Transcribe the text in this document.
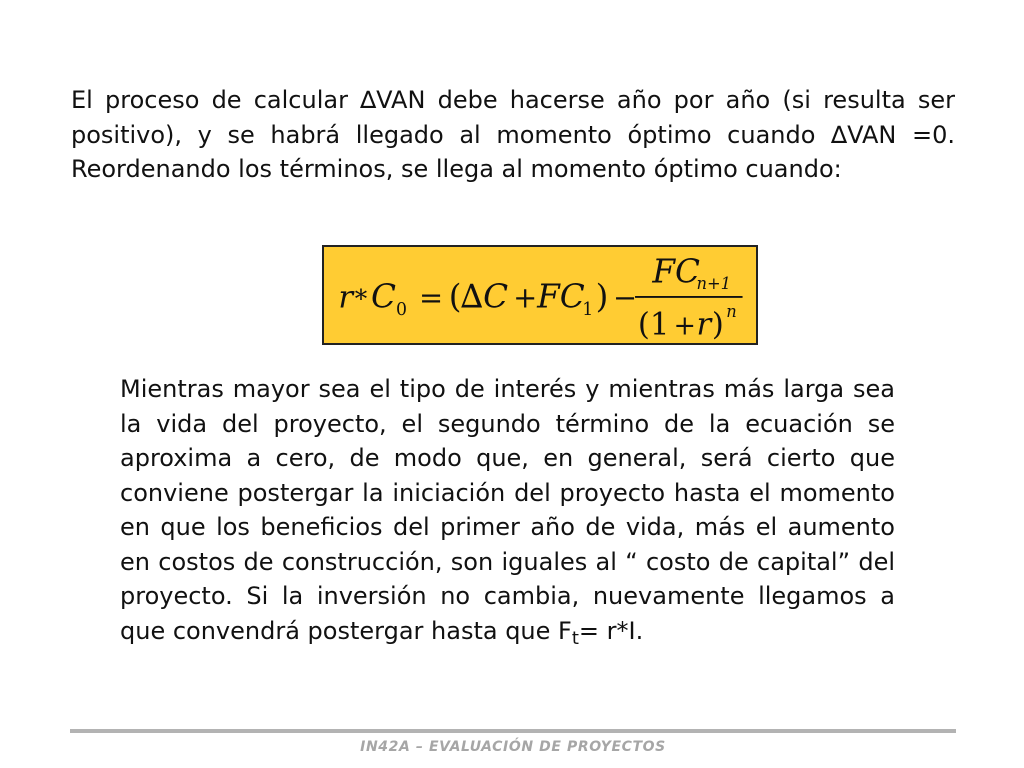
El proceso de calcular ∆VAN debe hacerse año por año (si resulta ser positivo), y se habrá llegado al momento óptimo cuando ∆VAN =0. Reordenando los términos, se llega al momento óptimo cuando:

r * C 0 = (
∆C + FC
1 ) −
FC
n+1
(1 + r ) n

Mientras mayor sea el tipo de interés y mientras más larga sea la vida del proyecto, el segundo término de la ecuación se aproxima a cero, de modo que, en general, será cierto que conviene postergar la iniciación del proyecto hasta el momento en que los beneficios del primer año de vida, más el aumento en costos de construcción, son iguales al “ costo de capital” del proyecto. Si la inversión no cambia, nuevamente llegamos a que convendrá postergar hasta que $F_t= r*I$.

IN42A – EVALUACIÓN DE PROYECTOS
